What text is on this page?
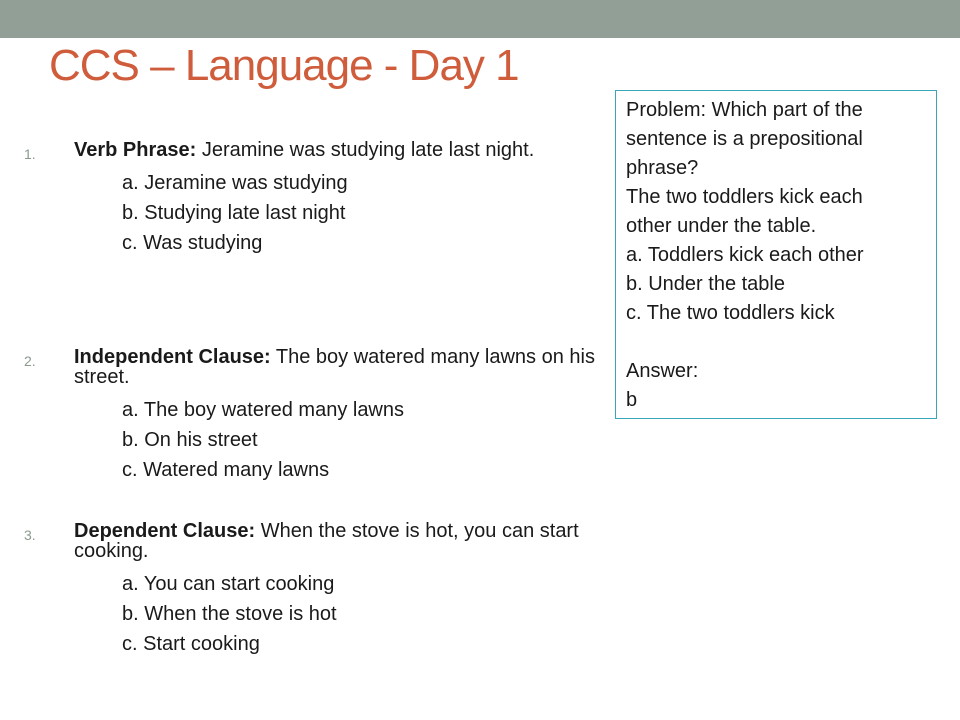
CCS – Language - Day 1
1. Verb Phrase: Jeramine was studying late last night.
a. Jeramine was studying
b. Studying late last night
c. Was studying
2. Independent Clause: The boy watered many lawns on his street.
a. The boy watered many lawns
b. On his street
c. Watered many lawns
3. Dependent Clause: When the stove is hot, you can start cooking.
a. You can start cooking
b. When the stove is hot
c. Start cooking
Problem: Which part of the
sentence is a prepositional
phrase?
The two toddlers kick each
other under the table.
a. Toddlers kick each other
b. Under the table
c. The two toddlers kick

Answer:
b
